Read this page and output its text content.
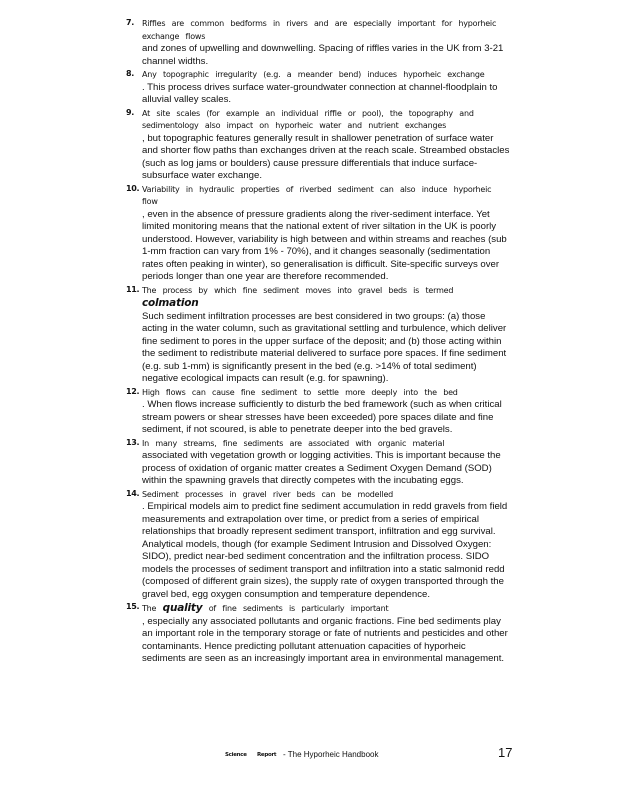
7. Riffles are common bedforms in rivers and are especially important for hyporheic exchange flows
and zones of upwelling and downwelling. Spacing of riffles varies in the UK from 3-21 channel widths.
8. Any topographic irregularity (e.g. a meander bend) induces hyporheic exchange
. This process drives surface water-groundwater connection at channel-floodplain to alluvial valley scales.
9. At site scales (for example an individual riffle or pool), the topography and sedimentology also impact on hyporheic water and nutrient exchanges
, but topographic features generally result in shallower penetration of surface water and shorter flow paths than exchanges driven at the reach scale. Streambed obstacles (such as log jams or boulders) cause pressure differentials that induce surface-subsurface water exchange.
10. Variability in hydraulic properties of riverbed sediment can also induce hyporheic flow
, even in the absence of pressure gradients along the river-sediment interface. Yet limited monitoring means that the national extent of river siltation in the UK is poorly understood. However, variability is high between and within streams and reaches (sub 1-mm fraction can vary from 1% - 70%), and it changes seasonally (sedimentation rates often peaking in winter), so generalisation is difficult. Site-specific surveys over periods longer than one year are therefore recommended.
11. The process by which fine sediment moves into gravel beds is termed colmation
Such sediment infiltration processes are best considered in two groups: (a) those acting in the water column, such as gravitational settling and turbulence, which deliver fine sediment to pores in the upper surface of the deposit; and (b) those acting within the sediment to redistribute material delivered to surface pore spaces. If fine sediment (e.g. sub 1-mm) is significantly present in the bed (e.g. >14% of total sediment) negative ecological impacts can result (e.g. for spawning).
12. High flows can cause fine sediment to settle more deeply into the bed
. When flows increase sufficiently to disturb the bed framework (such as when critical stream powers or shear stresses have been exceeded) pore spaces dilate and fine sediment, if not scoured, is able to penetrate deeper into the bed gravels.
13. In many streams, fine sediments are associated with organic material
associated with vegetation growth or logging activities. This is important because the process of oxidation of organic matter creates a Sediment Oxygen Demand (SOD) within the spawning gravels that directly competes with the incubating eggs.
14. Sediment processes in gravel river beds can be modelled
. Empirical models aim to predict fine sediment accumulation in redd gravels from field measurements and extrapolation over time, or predict from a series of empirical relationships that broadly represent sediment transport, infiltration and egg survival. Analytical models, though (for example Sediment Intrusion and Dissolved Oxygen: SIDO), predict near-bed sediment concentration and the infiltration process. SIDO models the processes of sediment transport and infiltration into a static salmonid redd (composed of different grain sizes), the supply rate of oxygen transported through the gravel bed, egg oxygen consumption and temperature dependence.
15. The quality of fine sediments is particularly important
, especially any associated pollutants and organic fractions. Fine bed sediments play an important role in the temporary storage or fate of nutrients and pesticides and other contaminants. Hence predicting pollutant attenuation capacities of hyporheic sediments are seen as an increasingly important area in environmental management.
Science Report - The Hyporheic Handbook	17
